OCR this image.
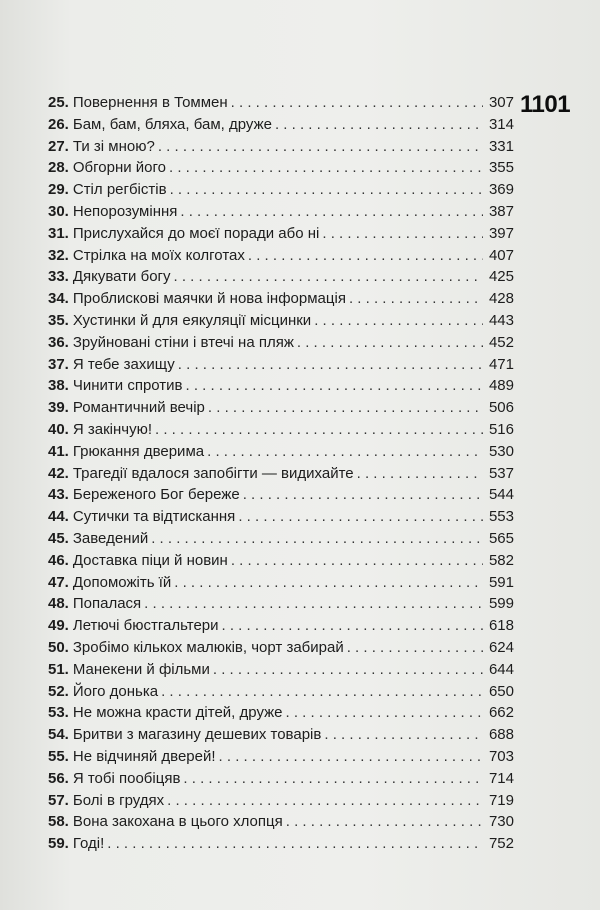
1101
25. Повернення в Томмен . . .	307
26. Бам, бам, бляха, бам, друже . . .	314
27. Ти зі мною? . . .	331
28. Обгорни його . . .	355
29. Стіл регбістів . . .	369
30. Непорозуміння . . .	387
31. Прислухайся до моєї поради або ні . . .	397
32. Стрілка на моїх колготах . . .	407
33. Дякувати богу . . .	425
34. Проблискові маячки й нова інформація . . .	428
35. Хустинки й для еякуляції місцинки . . .	443
36. Зруйновані стіни і втечі на пляж . . .	452
37. Я тебе захищу . . .	471
38. Чинити спротив . . .	489
39. Романтичний вечір . . .	506
40. Я закінчую! . . .	516
41. Грюкання дверима . . .	530
42. Трагедії вдалося запобігти — видихайте . . .	537
43. Береженого Бог береже . . .	544
44. Сутички та відтискання . . .	553
45. Заведений . . .	565
46. Доставка піци й новин . . .	582
47. Допоможіть їй . . .	591
48. Попалася . . .	599
49. Летючі бюстгальтери . . .	618
50. Зробімо кількох малюків, чорт забирай . . .	624
51. Манекени й фільми . . .	644
52. Його донька . . .	650
53. Не можна красти дітей, друже . . .	662
54. Бритви з магазину дешевих товарів . . .	688
55. Не відчиняй дверей! . . .	703
56. Я тобі пообіцяв . . .	714
57. Болі в грудях . . .	719
58. Вона закохана в цього хлопця . . .	730
59. Годі! . . .	752
